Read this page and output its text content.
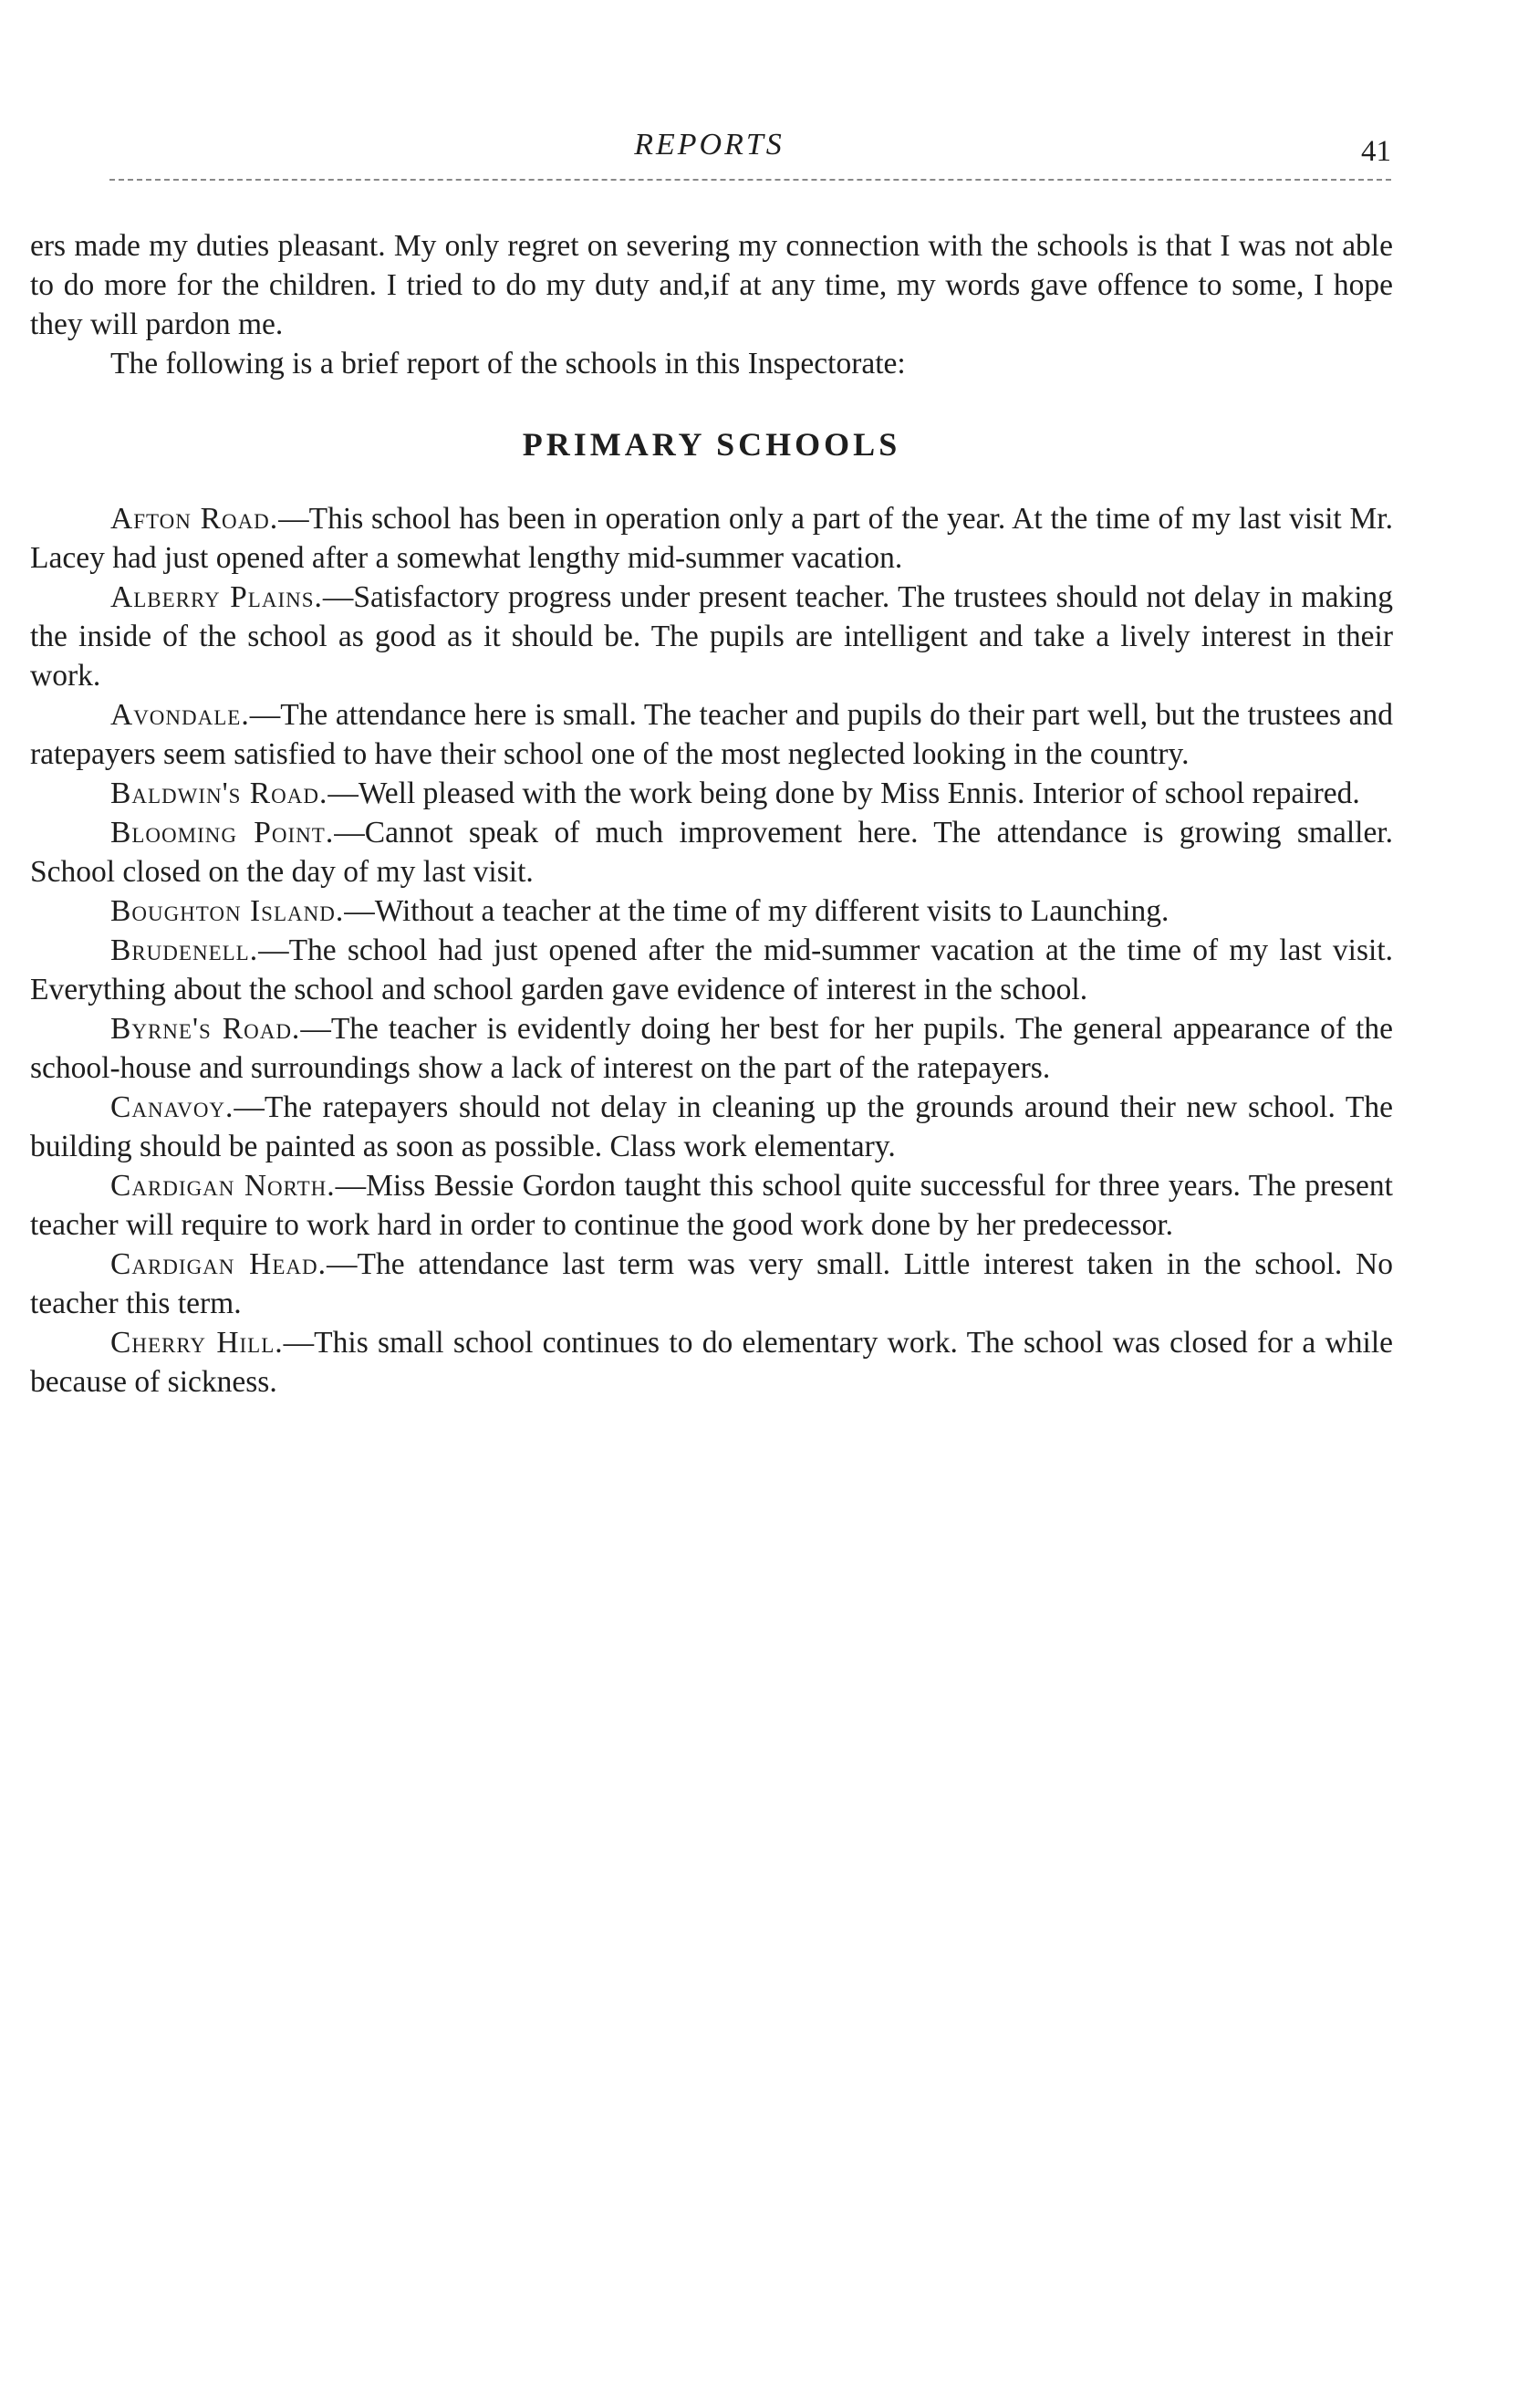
REPORTS	41

ers made my duties pleasant. My only regret on severing my connection with the schools is that I was not able to do more for the children. I tried to do my duty and,if at any time, my words gave offence to some, I hope they will pardon me.

The following is a brief report of the schools in this Inspectorate:

PRIMARY SCHOOLS

Afton Road.—This school has been in operation only a part of the year. At the time of my last visit Mr. Lacey had just opened after a somewhat lengthy mid-summer vacation.

Alberry Plains.—Satisfactory progress under present teacher. The trustees should not delay in making the inside of the school as good as it should be. The pupils are intelligent and take a lively interest in their work.

Avondale.—The attendance here is small. The teacher and pupils do their part well, but the trustees and ratepayers seem satisfied to have their school one of the most neglected looking in the country.

Baldwin's Road.—Well pleased with the work being done by Miss Ennis. Interior of school repaired.

Blooming Point.—Cannot speak of much improvement here. The attendance is growing smaller. School closed on the day of my last visit.

Boughton Island.—Without a teacher at the time of my different visits to Launching.

Brudenell.—The school had just opened after the mid-summer vacation at the time of my last visit. Everything about the school and school garden gave evidence of interest in the school.

Byrne's Road.—The teacher is evidently doing her best for her pupils. The general appearance of the school-house and surroundings show a lack of interest on the part of the ratepayers.

Canavoy.—The ratepayers should not delay in cleaning up the grounds around their new school. The building should be painted as soon as possible. Class work elementary.

Cardigan North.—Miss Bessie Gordon taught this school quite successful for three years. The present teacher will require to work hard in order to continue the good work done by her predecessor.

Cardigan Head.—The attendance last term was very small. Little interest taken in the school. No teacher this term.

Cherry Hill.—This small school continues to do elementary work. The school was closed for a while because of sickness.
